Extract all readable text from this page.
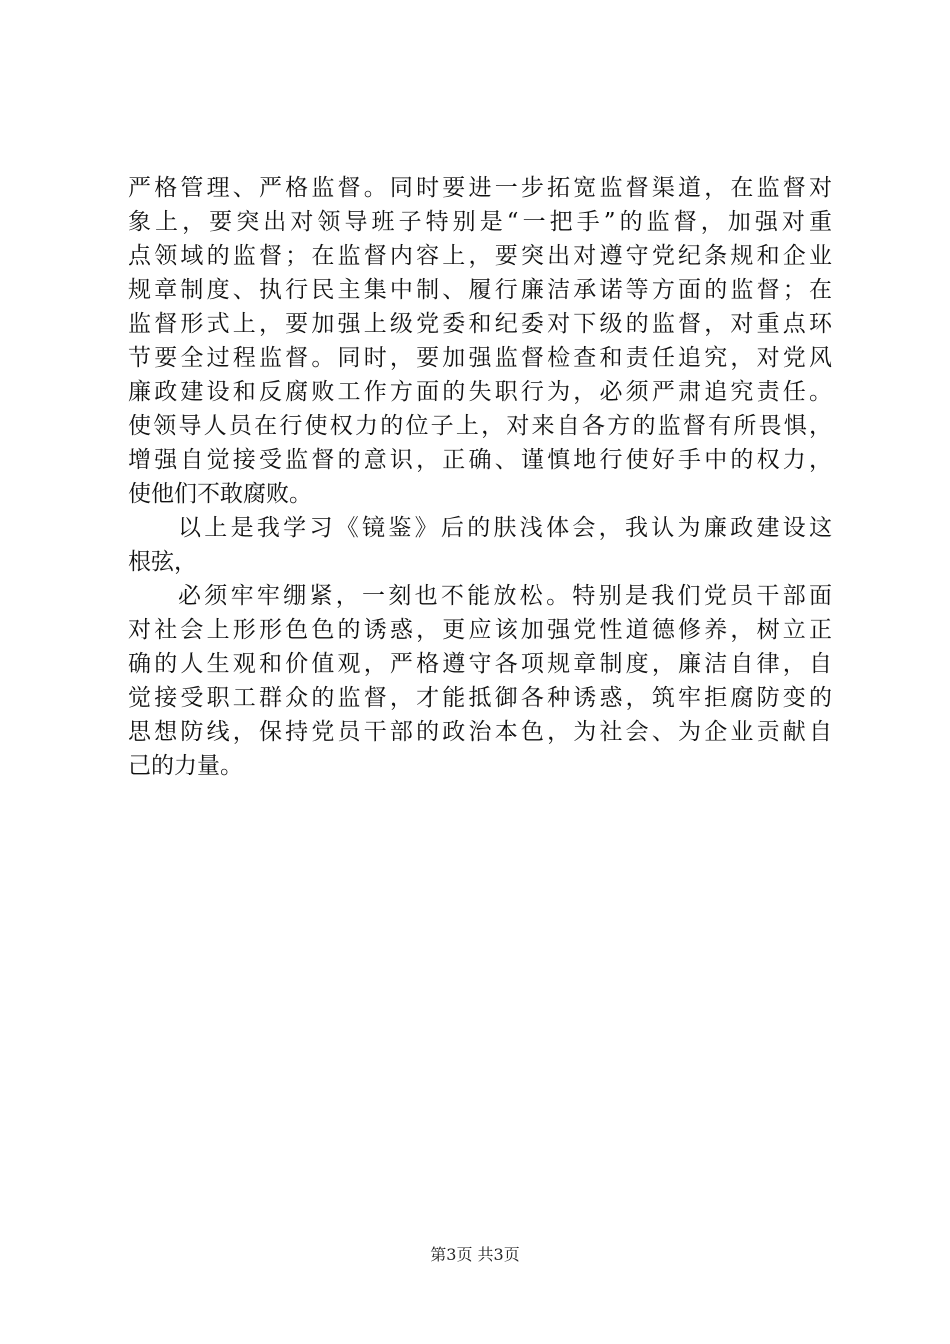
严格管理、严格监督。同时要进一步拓宽监督渠道，在监督对
象上，要突出对领导班子特别是“一把手”的监督，加强对重
点领域的监督；在监督内容上，要突出对遵守党纪条规和企业
规章制度、执行民主集中制、履行廉洁承诺等方面的监督；在
监督形式上，要加强上级党委和纪委对下级的监督，对重点环
节要全过程监督。同时，要加强监督检查和责任追究，对党风
廉政建设和反腐败工作方面的失职行为，必须严肃追究责任。
使领导人员在行使权力的位子上，对来自各方的监督有所畏惧，
增强自觉接受监督的意识，正确、谨慎地行使好手中的权力，
使他们不敢腐败。
以上是我学习《镜鉴》后的肤浅体会，我认为廉政建设这
根弦，
必须牢牢绷紧，一刻也不能放松。特别是我们党员干部面
对社会上形形色色的诱惑，更应该加强党性道德修养，树立正
确的人生观和价值观，严格遵守各项规章制度，廉洁自律，自
觉接受职工群众的监督，才能抵御各种诱惑，筑牢拒腐防变的
思想防线，保持党员干部的政治本色，为社会、为企业贡献自
己的力量。
第3页 共3页
